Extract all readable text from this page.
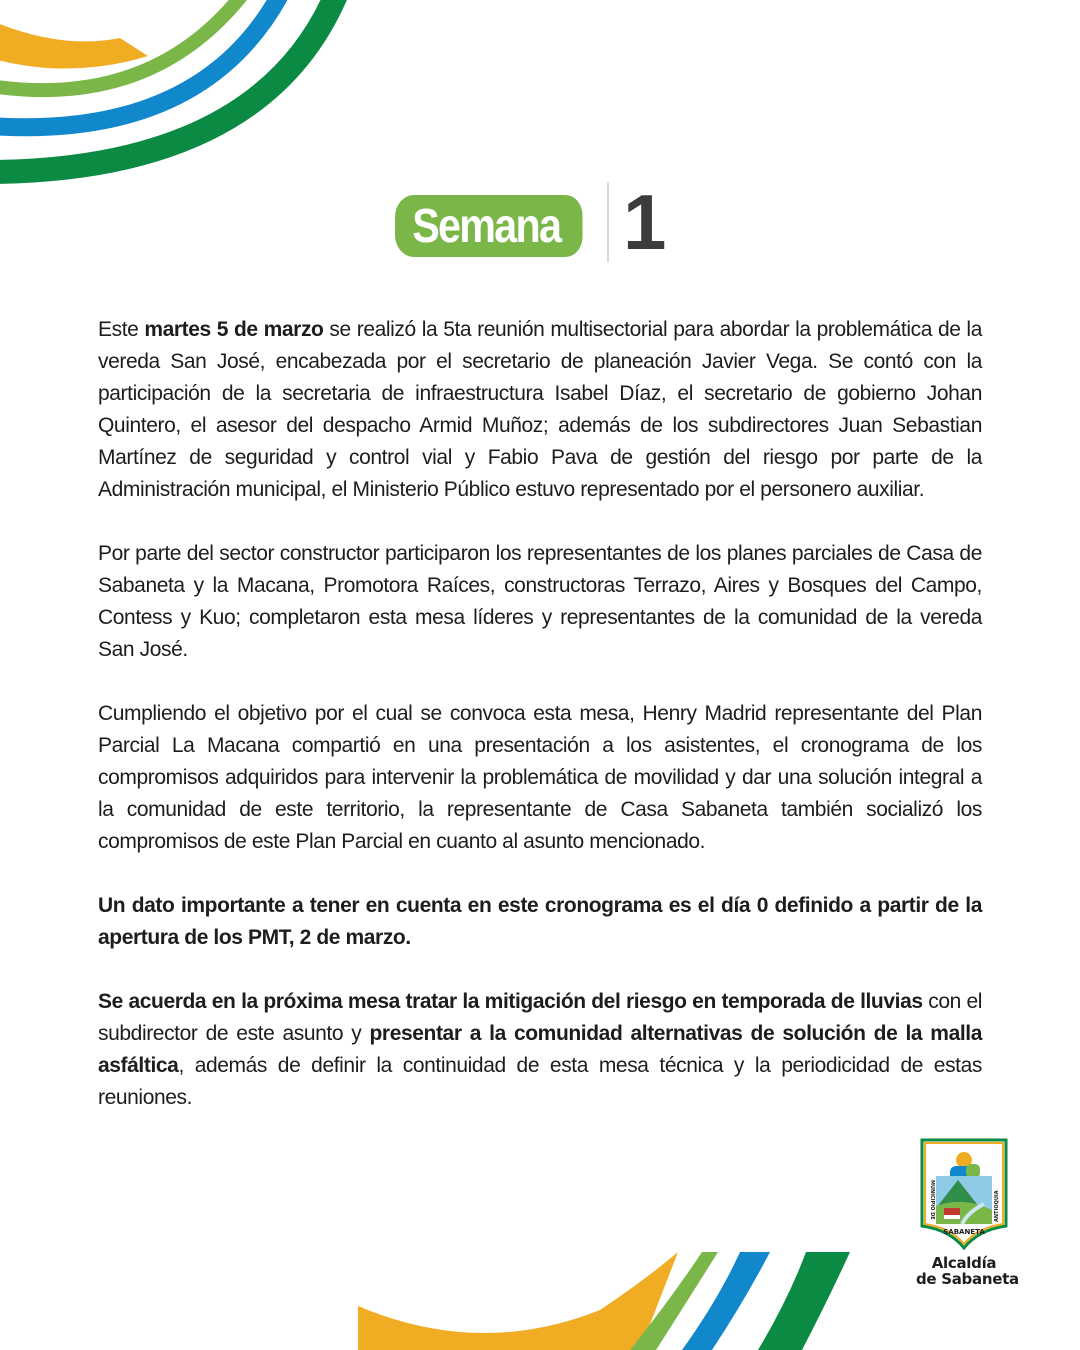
Semana 1

Este martes 5 de marzo se realizó la 5ta reunión multisectorial para abordar la problemática de la vereda San José, encabezada por el secretario de planeación Javier Vega. Se contó con la participación de la secretaria de infraestructura Isabel Díaz, el secretario de gobierno Johan Quintero, el asesor del despacho Armid Muñoz; además de los subdirectores Juan Sebastian Martínez de seguridad y control vial y Fabio Pava de gestión del riesgo por parte de la Administración municipal, el Ministerio Público estuvo representado por el personero auxiliar.

Por parte del sector constructor participaron los representantes de los planes parciales de Casa de Sabaneta y la Macana, Promotora Raíces, constructoras Terrazo, Aires y Bosques del Campo, Contess y Kuo; completaron esta mesa líderes y representantes de la comunidad de la vereda San José.

Cumpliendo el objetivo por el cual se convoca esta mesa, Henry Madrid representante del Plan Parcial La Macana compartió en una presentación a los asistentes, el cronograma de los compromisos adquiridos para intervenir la problemática de movilidad y dar una solución integral a la comunidad de este territorio, la representante de Casa Sabaneta también socializó los compromisos de este Plan Parcial en cuanto al asunto mencionado.

Un dato importante a tener en cuenta en este cronograma es el día 0 definido a partir de la apertura de los PMT, 2 de marzo.

Se acuerda en la próxima mesa tratar la mitigación del riesgo en temporada de lluvias con el subdirector de este asunto y presentar a la comunidad alternativas de solución de la malla asfáltica, además de definir la continuidad de esta mesa técnica y la periodicidad de estas reuniones.

SABANETA
MUNICIPIO DE	ANTIOQUIA
Alcaldía
de Sabaneta
